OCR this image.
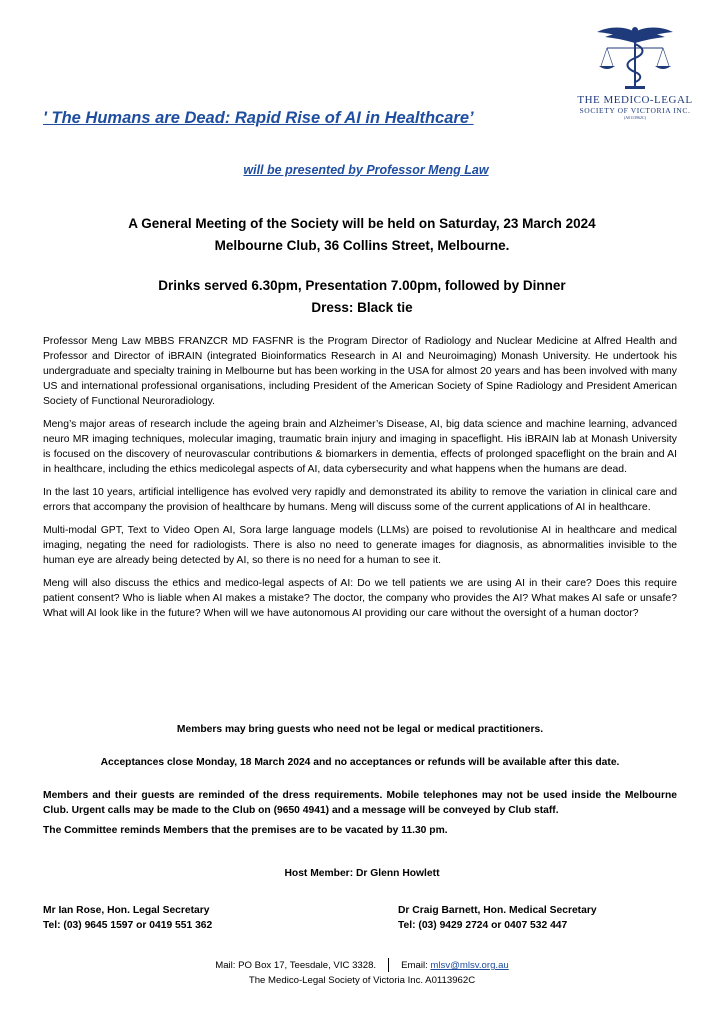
THE MEDICO-LEGAL
SOCIETY OF VICTORIA INC.
(A0113962C)
' The Humans are Dead: Rapid Rise of AI in Healthcare’
will be presented by Professor Meng Law
A General Meeting of the Society will be held on Saturday, 23 March 2024
Melbourne Club, 36 Collins Street, Melbourne.
Drinks served 6.30pm, Presentation 7.00pm, followed by Dinner
Dress: Black tie

Professor Meng Law MBBS FRANZCR MD FASFNR is the Program Director of Radiology and Nuclear Medicine at Alfred Health and Professor and Director of iBRAIN (integrated Bioinformatics Research in AI and Neuroimaging) Monash University. He undertook his undergraduate and specialty training in Melbourne but has been working in the USA for almost 20 years and has been involved with many US and international professional organisations, including President of the American Society of Spine Radiology and President American Society of Functional Neuroradiology.

Meng’s major areas of research include the ageing brain and Alzheimer’s Disease, AI, big data science and machine learning, advanced neuro MR imaging techniques, molecular imaging, traumatic brain injury and imaging in spaceflight. His iBRAIN lab at Monash University is focused on the discovery of neurovascular contributions & biomarkers in dementia, effects of prolonged spaceflight on the brain and AI in healthcare, including the ethics medicolegal aspects of AI, data cybersecurity and what happens when the humans are dead.

In the last 10 years, artificial intelligence has evolved very rapidly and demonstrated its ability to remove the variation in clinical care and errors that accompany the provision of healthcare by humans. Meng will discuss some of the current applications of AI in healthcare.

Multi-modal GPT, Text to Video Open AI, Sora large language models (LLMs) are poised to revolutionise AI in healthcare and medical imaging, negating the need for radiologists. There is also no need to generate images for diagnosis, as abnormalities invisible to the human eye are already being detected by AI, so there is no need for a human to see it.

Meng will also discuss the ethics and medico-legal aspects of AI: Do we tell patients we are using AI in their care? Does this require patient consent? Who is liable when AI makes a mistake? The doctor, the company who provides the AI? What makes AI safe or unsafe? What will AI look like in the future? When will we have autonomous AI providing our care without the oversight of a human doctor?

Members may bring guests who need not be legal or medical practitioners.
Acceptances close Monday, 18 March 2024 and no acceptances or refunds will be available after this date.
Members and their guests are reminded of the dress requirements. Mobile telephones may not be used inside the Melbourne Club. Urgent calls may be made to the Club on (9650 4941) and a message will be conveyed by Club staff.
The Committee reminds Members that the premises are to be vacated by 11.30 pm.
Host Member: Dr Glenn Howlett
Mr Ian Rose, Hon. Legal Secretary
Tel: (03) 9645 1597 or 0419 551 362
Dr Craig Barnett, Hon. Medical Secretary
Tel: (03) 9429 2724 or 0407 532 447
Mail: PO Box 17, Teesdale, VIC 3328.	Email: mlsv@mlsv.org.au
The Medico-Legal Society of Victoria Inc. A0113962C
